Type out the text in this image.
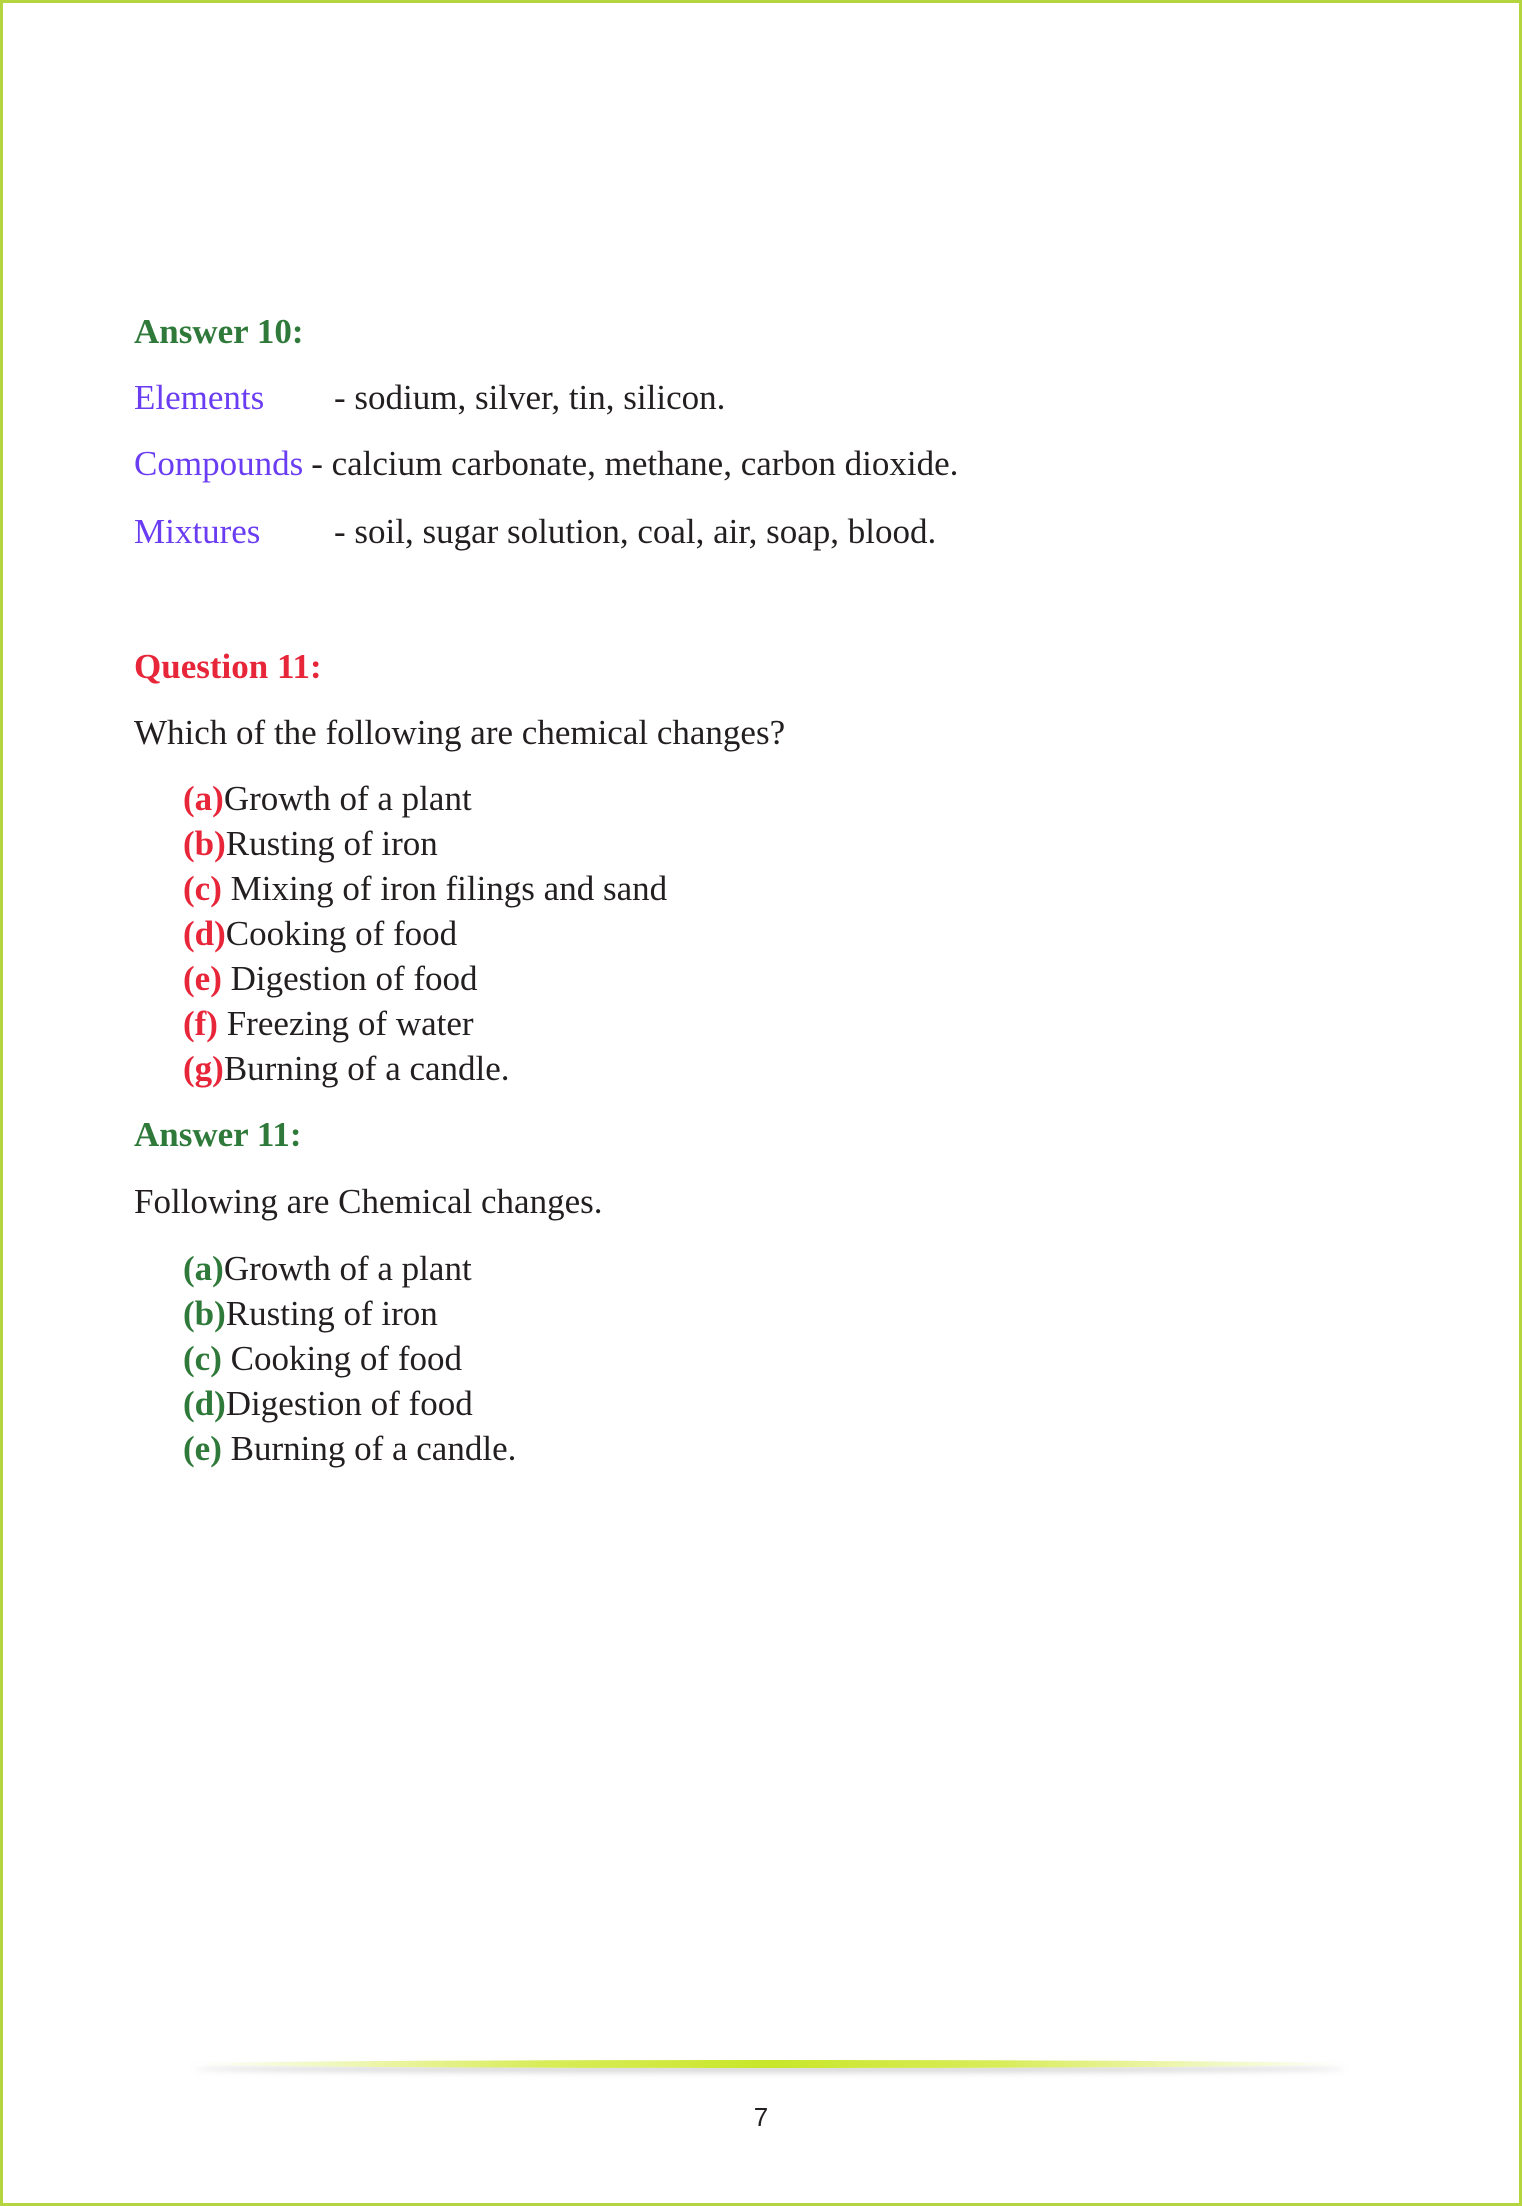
Answer 10:
Elements - sodium, silver, tin, silicon.
Compounds - calcium carbonate, methane, carbon dioxide.
Mixtures - soil, sugar solution, coal, air, soap, blood.
Question 11:
Which of the following are chemical changes?
(a)Growth of a plant
(b)Rusting of iron
(c) Mixing of iron filings and sand
(d)Cooking of food
(e) Digestion of food
(f) Freezing of water
(g)Burning of a candle.
Answer 11:
Following are Chemical changes.
(a)Growth of a plant
(b)Rusting of iron
(c) Cooking of food
(d)Digestion of food
(e) Burning of a candle.
7
